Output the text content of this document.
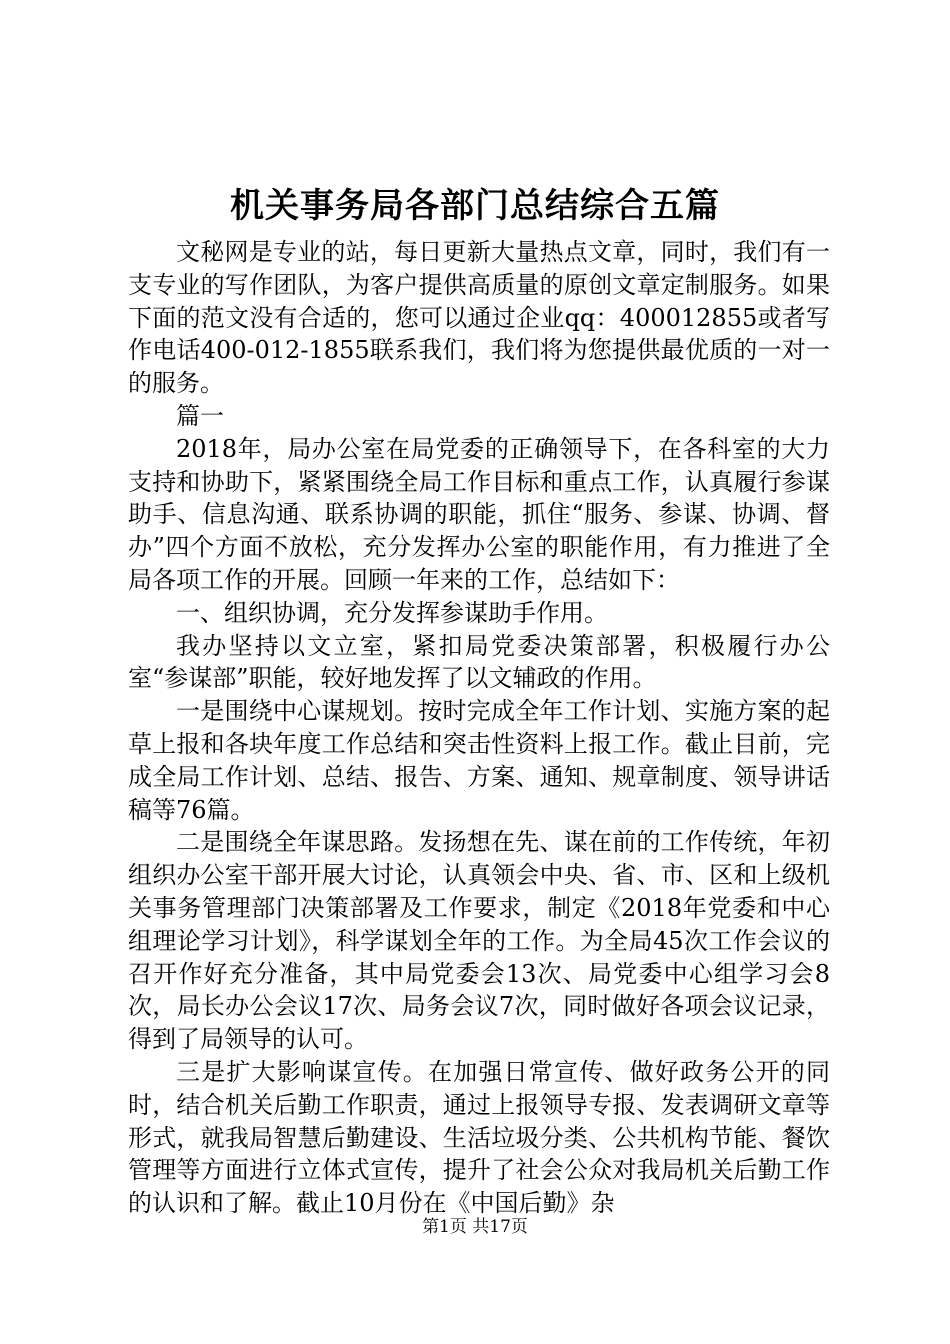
机关事务局各部门总结综合五篇

文秘网是专业的站，每日更新大量热点文章，同时，我们有一支专业的写作团队，为客户提供高质量的原创文章定制服务。如果下面的范文没有合适的，您可以通过企业qq：400012855或者写作电话400-012-1855联系我们，我们将为您提供最优质的一对一的服务。

篇一

2018年，局办公室在局党委的正确领导下，在各科室的大力支持和协助下，紧紧围绕全局工作目标和重点工作，认真履行参谋助手、信息沟通、联系协调的职能，抓住“服务、参谋、协调、督办”四个方面不放松，充分发挥办公室的职能作用，有力推进了全局各项工作的开展。回顾一年来的工作，总结如下：

一、组织协调，充分发挥参谋助手作用。

我办坚持以文立室，紧扣局党委决策部署，积极履行办公室“参谋部”职能，较好地发挥了以文辅政的作用。

一是围绕中心谋规划。按时完成全年工作计划、实施方案的起草上报和各块年度工作总结和突击性资料上报工作。截止目前，完成全局工作计划、总结、报告、方案、通知、规章制度、领导讲话稿等76篇。

二是围绕全年谋思路。发扬想在先、谋在前的工作传统，年初组织办公室干部开展大讨论，认真领会中央、省、市、区和上级机关事务管理部门决策部署及工作要求，制定《2018年党委和中心组理论学习计划》，科学谋划全年的工作。为全局45次工作会议的召开作好充分准备，其中局党委会13次、局党委中心组学习会8次，局长办公会议17次、局务会议7次，同时做好各项会议记录，得到了局领导的认可。

三是扩大影响谋宣传。在加强日常宣传、做好政务公开的同时，结合机关后勤工作职责，通过上报领导专报、发表调研文章等形式，就我局智慧后勤建设、生活垃圾分类、公共机构节能、餐饮管理等方面进行立体式宣传，提升了社会公众对我局机关后勤工作的认识和了解。截止10月份在《中国后勤》杂

第1页 共17页
